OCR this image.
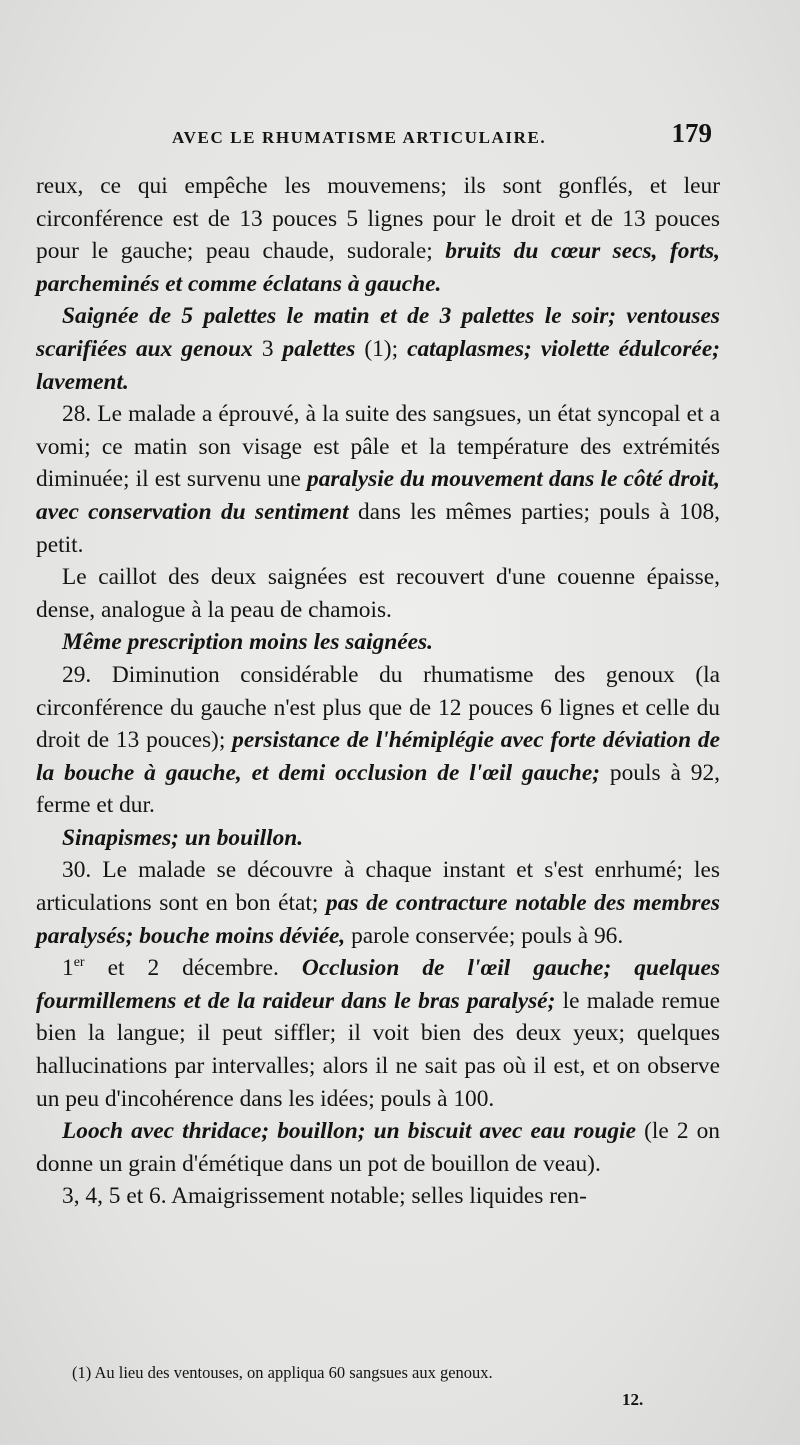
AVEC LE RHUMATISME ARTICULAIRE.	179

reux, ce qui empêche les mouvemens; ils sont gonflés, et leur circonférence est de 13 pouces 5 lignes pour le droit et de 13 pouces pour le gauche; peau chaude, sudorale; bruits du cœur secs, forts, parcheminés et comme éclatans à gauche.

Saignée de 5 palettes le matin et de 3 palettes le soir; ventouses scarifiées aux genoux 3 palettes (1); cataplasmes; violette édulcorée; lavement.

28. Le malade a éprouvé, à la suite des sangsues, un état syncopal et a vomi; ce matin son visage est pâle et la température des extrémités diminuée; il est survenu une paralysie du mouvement dans le côté droit, avec conservation du sentiment dans les mêmes parties; pouls à 108, petit.

Le caillot des deux saignées est recouvert d'une couenne épaisse, dense, analogue à la peau de chamois.

Même prescription moins les saignées.

29. Diminution considérable du rhumatisme des genoux (la circonférence du gauche n'est plus que de 12 pouces 6 lignes et celle du droit de 13 pouces); persistance de l'hémiplégie avec forte déviation de la bouche à gauche, et demi occlusion de l'œil gauche; pouls à 92, ferme et dur.

Sinapismes; un bouillon.

30. Le malade se découvre à chaque instant et s'est enrhumé; les articulations sont en bon état; pas de contracture notable des membres paralysés; bouche moins déviée, parole conservée; pouls à 96.

1er et 2 décembre. Occlusion de l'œil gauche; quelques fourmillemens et de la raideur dans le bras paralysé; le malade remue bien la langue; il peut siffler; il voit bien des deux yeux; quelques hallucinations par intervalles; alors il ne sait pas où il est, et on observe un peu d'incohérence dans les idées; pouls à 100.

Looch avec thridace; bouillon; un biscuit avec eau rougie (le 2 on donne un grain d'émétique dans un pot de bouillon de veau).

3, 4, 5 et 6. Amaigrissement notable; selles liquides ren-

(1) Au lieu des ventouses, on appliqua 60 sangsues aux genoux.
12.
